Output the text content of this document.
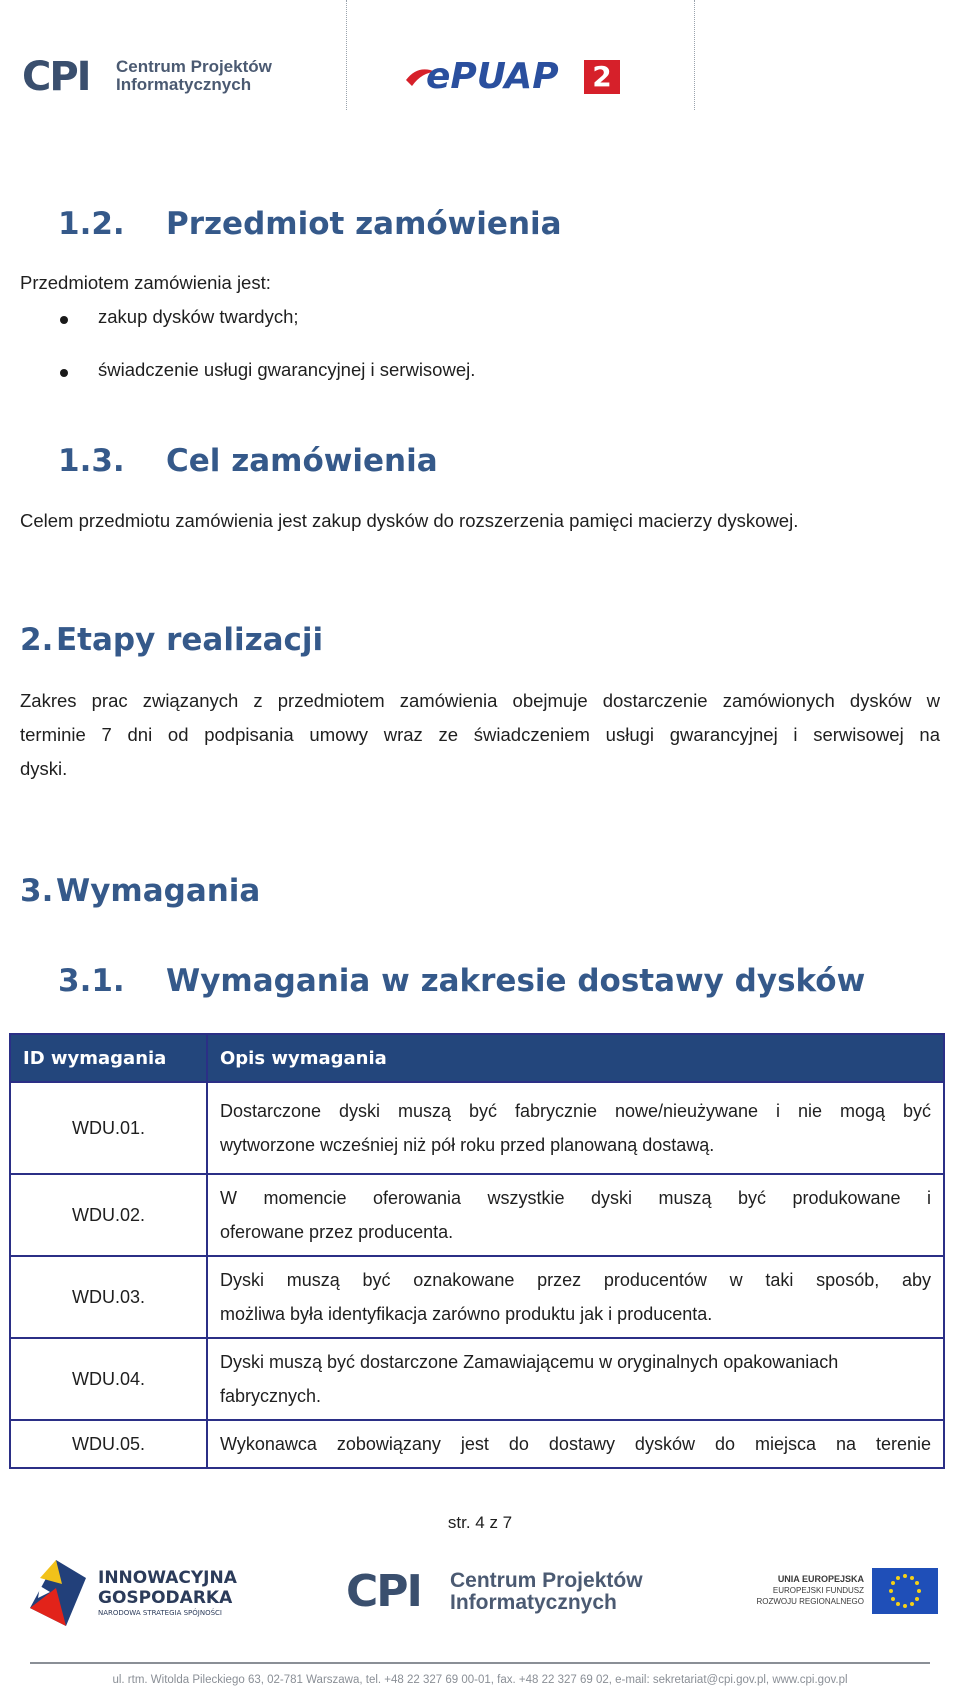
CPI Centrum Projektów
Informatycznych	ePUAP 2
1.2. Przedmiot zamówienia
Przedmiotem zamówienia jest:
zakup dysków twardych;
świadczenie usługi gwarancyjnej i serwisowej.
1.3. Cel zamówienia
Celem przedmiotu zamówienia jest zakup dysków do rozszerzenia pamięci macierzy dyskowej.
2.Etapy realizacji
Zakres prac związanych z przedmiotem zamówienia obejmuje dostarczenie zamówionych dysków w
terminie 7 dni od podpisania umowy wraz ze świadczeniem usługi gwarancyjnej i serwisowej na
dyski.
3.Wymagania
3.1. Wymagania w zakresie dostawy dysków
ID wymagania	Opis wymagania
WDU.01.	Dostarczone dyski muszą być fabrycznie nowe/nieużywane i nie mogą być
wytworzone wcześniej niż pół roku przed planowaną dostawą.

WDU.02.	W momencie oferowania wszystkie dyski muszą być produkowane i
oferowane przez producenta.

WDU.03.	Dyski muszą być oznakowane przez producentów w taki sposób, aby
możliwa była identyfikacja zarówno produktu jak i producenta.

WDU.04.	Dyski muszą być dostarczone Zamawiającemu w oryginalnych opakowaniach
fabrycznych.

WDU.05.	Wykonawca zobowiązany jest do dostawy dysków do miejsca na terenie
str. 4 z 7
INNOWACYJNA
GOSPODARKA
NARODOWA STRATEGIA SPÓJNOŚCI	CPI Centrum Projektów
Informatycznych
UNIA EUROPEJSKA
EUROPEJSKI FUNDUSZ
ROZWOJU REGIONALNEGO
ul. rtm. Witolda Pileckiego 63, 02-781 Warszawa, tel. +48 22 327 69 00-01, fax. +48 22 327 69 02, e-mail: sekretariat@cpi.gov.pl, www.cpi.gov.pl
